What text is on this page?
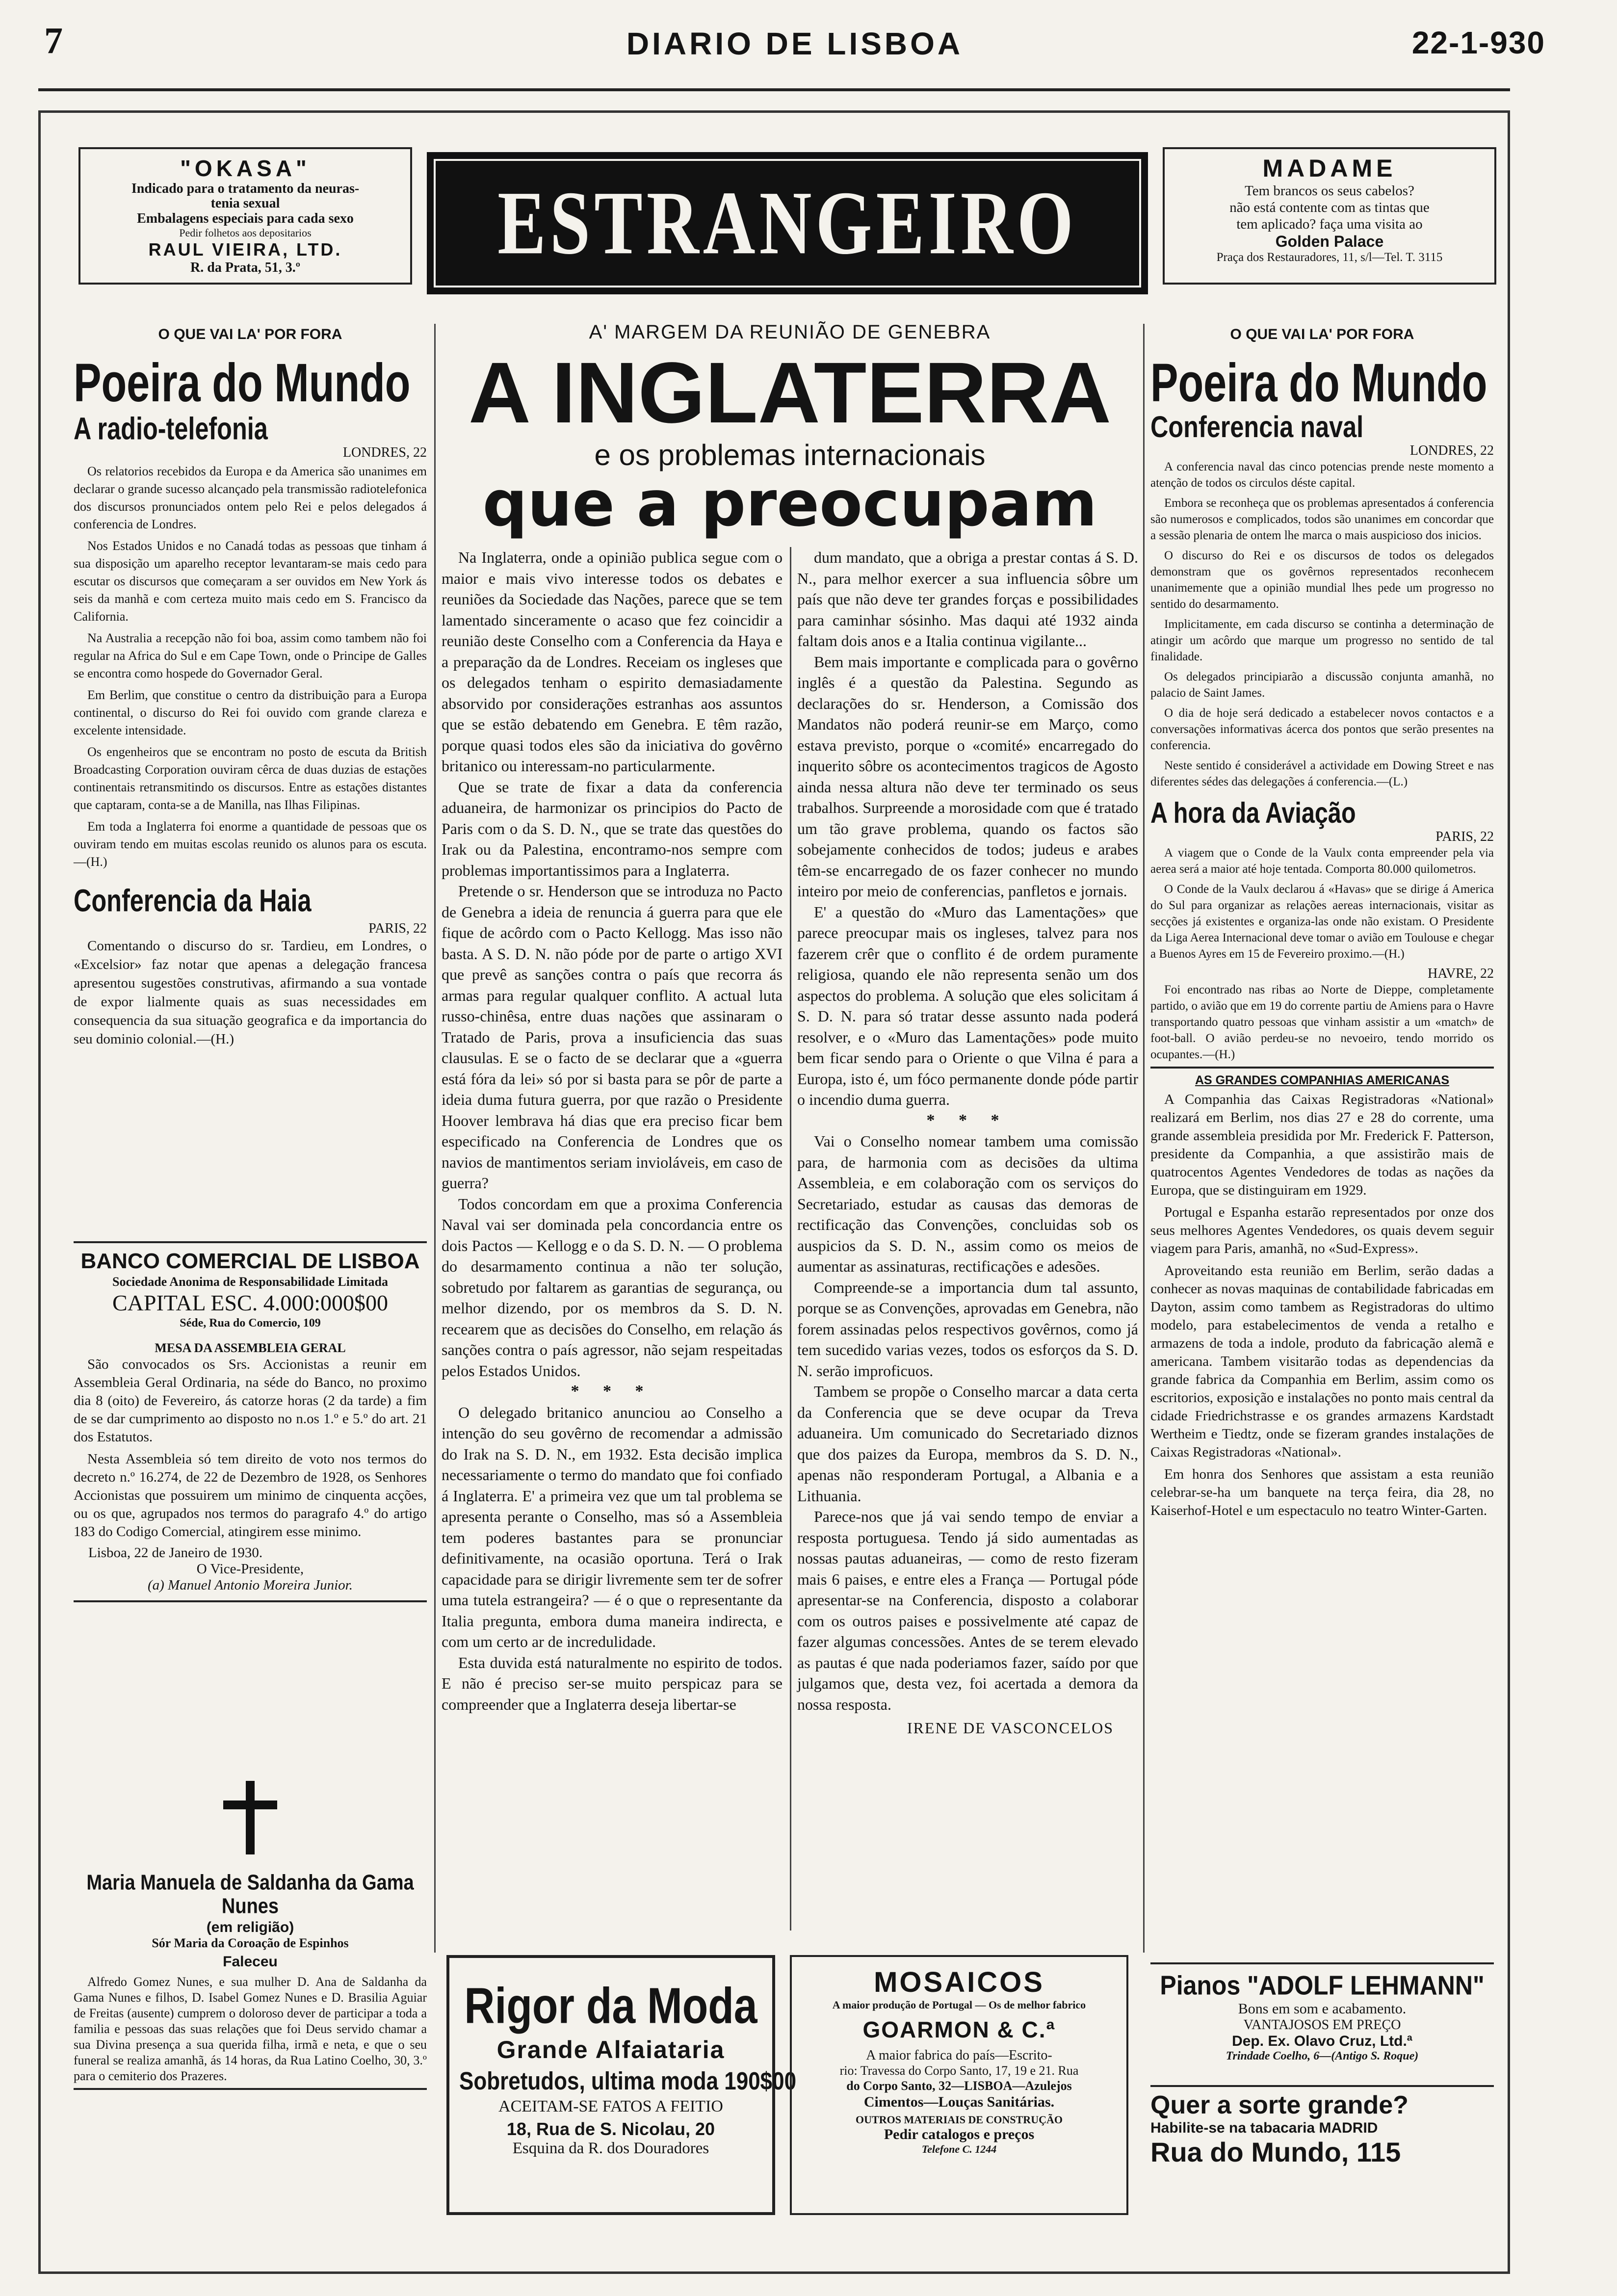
7	DIARIO DE LISBOA	22-1-930
"OKASA"
Indicado para o tratamento da neuras-
tenia sexual
Embalagens especiais para cada sexo
Pedir folhetos aos depositarios
RAUL VIEIRA, LTD.
R. da Prata, 51, 3.º	ESTRANGEIRO
MADAME
Tem brancos os seus cabelos?
não está contente com as tintas que
tem aplicado? faça uma visita ao
Golden Palace
Praça dos Restauradores, 11, s/l—Tel. T. 3115
O QUE VAI LA' POR FORA
Poeira do Mundo
A radio-telefonia
LONDRES, 22

Os relatorios recebidos da Europa e da America são unanimes em declarar o grande sucesso alcançado pela transmissão radiotelefonica dos discursos pronunciados ontem pelo Rei e pelos delegados á conferencia de Londres.

Nos Estados Unidos e no Canadá todas as pessoas que tinham á sua disposição um aparelho receptor levantaram-se mais cedo para escutar os discursos que começaram a ser ouvidos em New York ás seis da manhã e com certeza muito mais cedo em S. Francisco da California.

Na Australia a recepção não foi boa, assim como tambem não foi regular na Africa do Sul e em Cape Town, onde o Principe de Galles se encontra como hospede do Governador Geral.

Em Berlim, que constitue o centro da distribuição para a Europa continental, o discurso do Rei foi ouvido com grande clareza e excelente intensidade.

Os engenheiros que se encontram no posto de escuta da British Broadcasting Corporation ouviram cêrca de duas duzias de estações continentais retransmitindo os discursos. Entre as estações distantes que captaram, conta-se a de Manilla, nas Ilhas Filipinas.

Em toda a Inglaterra foi enorme a quantidade de pessoas que os ouviram tendo em muitas escolas reunido os alunos para os escuta.—(H.)

Conferencia da Haia
PARIS, 22

Comentando o discurso do sr. Tardieu, em Londres, o «Excelsior» faz notar que apenas a delegação francesa apresentou sugestões construtivas, afirmando a sua vontade de expor lialmente quais as suas necessidades em consequencia da sua situação geografica e da importancia do seu dominio colonial.—(H.)

BANCO COMERCIAL DE LISBOA
Sociedade Anonima de Responsabilidade Limitada
CAPITAL ESC. 4.000:000$00
Séde, Rua do Comercio, 109
MESA DA ASSEMBLEIA GERAL

São convocados os Srs. Accionistas a reunir em Assembleia Geral Ordinaria, na séde do Banco, no proximo dia 8 (oito) de Fevereiro, ás catorze horas (2 da tarde) a fim de se dar cumprimento ao disposto no n.os 1.º e 5.º do art. 21 dos Estatutos.

Nesta Assembleia só tem direito de voto nos termos do decreto n.º 16.274, de 22 de Dezembro de 1928, os Senhores Accionistas que possuirem um minimo de cinquenta acções, ou os que, agrupados nos termos do paragrafo 4.º do artigo 183 do Codigo Comercial, atingirem esse minimo.

Lisboa, 22 de Janeiro de 1930.
O Vice-Presidente,
(a) Manuel Antonio Moreira Junior.
Maria Manuela de Saldanha da Gama
Nunes
(em religião)
Sór Maria da Coroação de Espinhos
Faleceu

Alfredo Gomez Nunes, e sua mulher D. Ana de Saldanha da Gama Nunes e filhos, D. Isabel Gomez Nunes e D. Brasilia Aguiar de Freitas (ausente) cumprem o doloroso dever de participar a toda a familia e pessoas das suas relações que foi Deus servido chamar a sua Divina presença a sua querida filha, irmã e neta, e que o seu funeral se realiza amanhã, ás 14 horas, da Rua Latino Coelho, 30, 3.º para o cemiterio dos Prazeres.

A' MARGEM DA REUNIÃO DE GENEBRA
A INGLATERRA
e os problemas internacionais
que a preocupam

Na Inglaterra, onde a opinião publica segue com o maior e mais vivo interesse todos os debates e reuniões da Sociedade das Nações, parece que se tem lamentado sinceramente o acaso que fez coincidir a reunião deste Conselho com a Conferencia da Haya e a preparação da de Londres. Receiam os ingleses que os delegados tenham o espirito demasiadamente absorvido por considerações estranhas aos assuntos que se estão debatendo em Genebra. E têm razão, porque quasi todos eles são da iniciativa do govêrno britanico ou interessam-no particularmente.

Que se trate de fixar a data da conferencia aduaneira, de harmonizar os principios do Pacto de Paris com o da S. D. N., que se trate das questões do Irak ou da Palestina, encontramo-nos sempre com problemas importantissimos para a Inglaterra.

Pretende o sr. Henderson que se introduza no Pacto de Genebra a ideia de renuncia á guerra para que ele fique de acôrdo com o Pacto Kellogg. Mas isso não basta. A S. D. N. não póde por de parte o artigo XVI que prevê as sanções contra o país que recorra ás armas para regular qualquer conflito. A actual luta russo-chinêsa, entre duas nações que assinaram o Tratado de Paris, prova a insuficiencia das suas clausulas. E se o facto de se declarar que a «guerra está fóra da lei» só por si basta para se pôr de parte a ideia duma futura guerra, por que razão o Presidente Hoover lembrava há dias que era preciso ficar bem especificado na Conferencia de Londres que os navios de mantimentos seriam invioláveis, em caso de guerra?

Todos concordam em que a proxima Conferencia Naval vai ser dominada pela concordancia entre os dois Pactos — Kellogg e o da S. D. N. — O problema do desarmamento continua a não ter solução, sobretudo por faltarem as garantias de segurança, ou melhor dizendo, por os membros da S. D. N. recearem que as decisões do Conselho, em relação ás sanções contra o país agressor, não sejam respeitadas pelos Estados Unidos.

* * *

O delegado britanico anunciou ao Conselho a intenção do seu govêrno de recomendar a admissão do Irak na S. D. N., em 1932. Esta decisão implica necessariamente o termo do mandato que foi confiado á Inglaterra. E' a primeira vez que um tal problema se apresenta perante o Conselho, mas só a Assembleia tem poderes bastantes para se pronunciar definitivamente, na ocasião oportuna. Terá o Irak capacidade para se dirigir livremente sem ter de sofrer uma tutela estrangeira? — é o que o representante da Italia pregunta, embora duma maneira indirecta, e com um certo ar de incredulidade.

Esta duvida está naturalmente no espirito de todos. E não é preciso ser-se muito perspicaz para se compreender que a Inglaterra deseja libertar-se

dum mandato, que a obriga a prestar contas á S. D. N., para melhor exercer a sua influencia sôbre um país que não deve ter grandes forças e possibilidades para caminhar sósinho. Mas daqui até 1932 ainda faltam dois anos e a Italia continua vigilante...

Bem mais importante e complicada para o govêrno inglês é a questão da Palestina. Segundo as declarações do sr. Henderson, a Comissão dos Mandatos não poderá reunir-se em Março, como estava previsto, porque o «comité» encarregado do inquerito sôbre os acontecimentos tragicos de Agosto ainda nessa altura não deve ter terminado os seus trabalhos. Surpreende a morosidade com que é tratado um tão grave problema, quando os factos são sobejamente conhecidos de todos; judeus e arabes têm-se encarregado de os fazer conhecer no mundo inteiro por meio de conferencias, panfletos e jornais.

E' a questão do «Muro das Lamentações» que parece preocupar mais os ingleses, talvez para nos fazerem crêr que o conflito é de ordem puramente religiosa, quando ele não representa senão um dos aspectos do problema. A solução que eles solicitam á S. D. N. para só tratar desse assunto nada poderá resolver, e o «Muro das Lamentações» pode muito bem ficar sendo para o Oriente o que Vilna é para a Europa, isto é, um fóco permanente donde póde partir o incendio duma guerra.

* * *

Vai o Conselho nomear tambem uma comissão para, de harmonia com as decisões da ultima Assembleia, e em colaboração com os serviços do Secretariado, estudar as causas das demoras de rectificação das Convenções, concluidas sob os auspicios da S. D. N., assim como os meios de aumentar as assinaturas, rectificações e adesões.

Compreende-se a importancia dum tal assunto, porque se as Convenções, aprovadas em Genebra, não forem assinadas pelos respectivos govêrnos, como já tem sucedido varias vezes, todos os esforços da S. D. N. serão improficuos.

Tambem se propõe o Conselho marcar a data certa da Conferencia que se deve ocupar da Treva aduaneira. Um comunicado do Secretariado diznos que dos paizes da Europa, membros da S. D. N., apenas não responderam Portugal, a Albania e a Lithuania.

Parece-nos que já vai sendo tempo de enviar a resposta portuguesa. Tendo já sido aumentadas as nossas pautas aduaneiras, — como de resto fizeram mais 6 paises, e entre eles a França — Portugal póde apresentar-se na Conferencia, disposto a colaborar com os outros paises e possivelmente até capaz de fazer algumas concessões. Antes de se terem elevado as pautas é que nada poderiamos fazer, saído por que julgamos que, desta vez, foi acertada a demora da nossa resposta.

IRENE DE VASCONCELOS
O QUE VAI LA' POR FORA
Poeira do Mundo
Conferencia naval
LONDRES, 22

A conferencia naval das cinco potencias prende neste momento a atenção de todos os circulos déste capital.

Embora se reconheça que os problemas apresentados á conferencia são numerosos e complicados, todos são unanimes em concordar que a sessão plenaria de ontem lhe marca o mais auspicioso dos inicios.

O discurso do Rei e os discursos de todos os delegados demonstram que os govêrnos representados reconhecem unanimemente que a opinião mundial lhes pede um progresso no sentido do desarmamento.

Implicitamente, em cada discurso se continha a determinação de atingir um acôrdo que marque um progresso no sentido de tal finalidade.

Os delegados principiarão a discussão conjunta amanhã, no palacio de Saint James.

O dia de hoje será dedicado a estabelecer novos contactos e a conversações informativas ácerca dos pontos que serão presentes na conferencia.

Neste sentido é considerável a actividade em Dowing Street e nas diferentes sédes das delegações á conferencia.—(L.)

A hora da Aviação
PARIS, 22

A viagem que o Conde de la Vaulx conta empreender pela via aerea será a maior até hoje tentada. Comporta 80.000 quilometros.

O Conde de la Vaulx declarou á «Havas» que se dirige á America do Sul para organizar as relações aereas internacionais, visitar as secções já existentes e organiza-las onde não existam. O Presidente da Liga Aerea Internacional deve tomar o avião em Toulouse e chegar a Buenos Ayres em 15 de Fevereiro proximo.—(H.)

HAVRE, 22

Foi encontrado nas ribas ao Norte de Dieppe, completamente partido, o avião que em 19 do corrente partiu de Amiens para o Havre transportando quatro pessoas que vinham assistir a um «match» de foot-ball. O avião perdeu-se no nevoeiro, tendo morrido os ocupantes.—(H.)

AS GRANDES COMPANHIAS AMERICANAS

A Companhia das Caixas Registradoras «National» realizará em Berlim, nos dias 27 e 28 do corrente, uma grande assembleia presidida por Mr. Frederick F. Patterson, presidente da Companhia, a que assistirão mais de quatrocentos Agentes Vendedores de todas as nações da Europa, que se distinguiram em 1929.

Portugal e Espanha estarão representados por onze dos seus melhores Agentes Vendedores, os quais devem seguir viagem para Paris, amanhã, no «Sud-Express».

Aproveitando esta reunião em Berlim, serão dadas a conhecer as novas maquinas de contabilidade fabricadas em Dayton, assim como tambem as Registradoras do ultimo modelo, para estabelecimentos de venda a retalho e armazens de toda a indole, produto da fabricação alemã e americana. Tambem visitarão todas as dependencias da grande fabrica da Companhia em Berlim, assim como os escritorios, exposição e instalações no ponto mais central da cidade Friedrichstrasse e os grandes armazens Kardstadt Wertheim e Tiedtz, onde se fizeram grandes instalações de Caixas Registradoras «National».

Em honra dos Senhores que assistam a esta reunião celebrar-se-ha um banquete na terça feira, dia 28, no Kaiserhof-Hotel e um espectaculo no teatro Winter-Garten.

Rigor da Moda
Grande Alfaiataria
Sobretudos, ultima moda 190$00
ACEITAM-SE FATOS A FEITIO
18, Rua de S. Nicolau, 20
Esquina da R. dos Douradores
MOSAICOS
A maior produção de Portugal — Os de melhor fabrico
GOARMON & C.ª
A maior fabrica do país—Escrito-
rio: Travessa do Corpo Santo, 17, 19 e 21. Rua
do Corpo Santo, 32—LISBOA—Azulejos
Cimentos—Louças Sanitárias.
OUTROS MATERIAIS DE CONSTRUÇÃO
Pedir catalogos e preços
Telefone C. 1244
Pianos "ADOLF LEHMANN"
Bons em som e acabamento.
VANTAJOSOS EM PREÇO
Dep. Ex. Olavo Cruz, Ltd.ª
Trindade Coelho, 6—(Antigo S. Roque)
Quer a sorte grande?
Habilite-se na tabacaria MADRID
Rua do Mundo, 115
